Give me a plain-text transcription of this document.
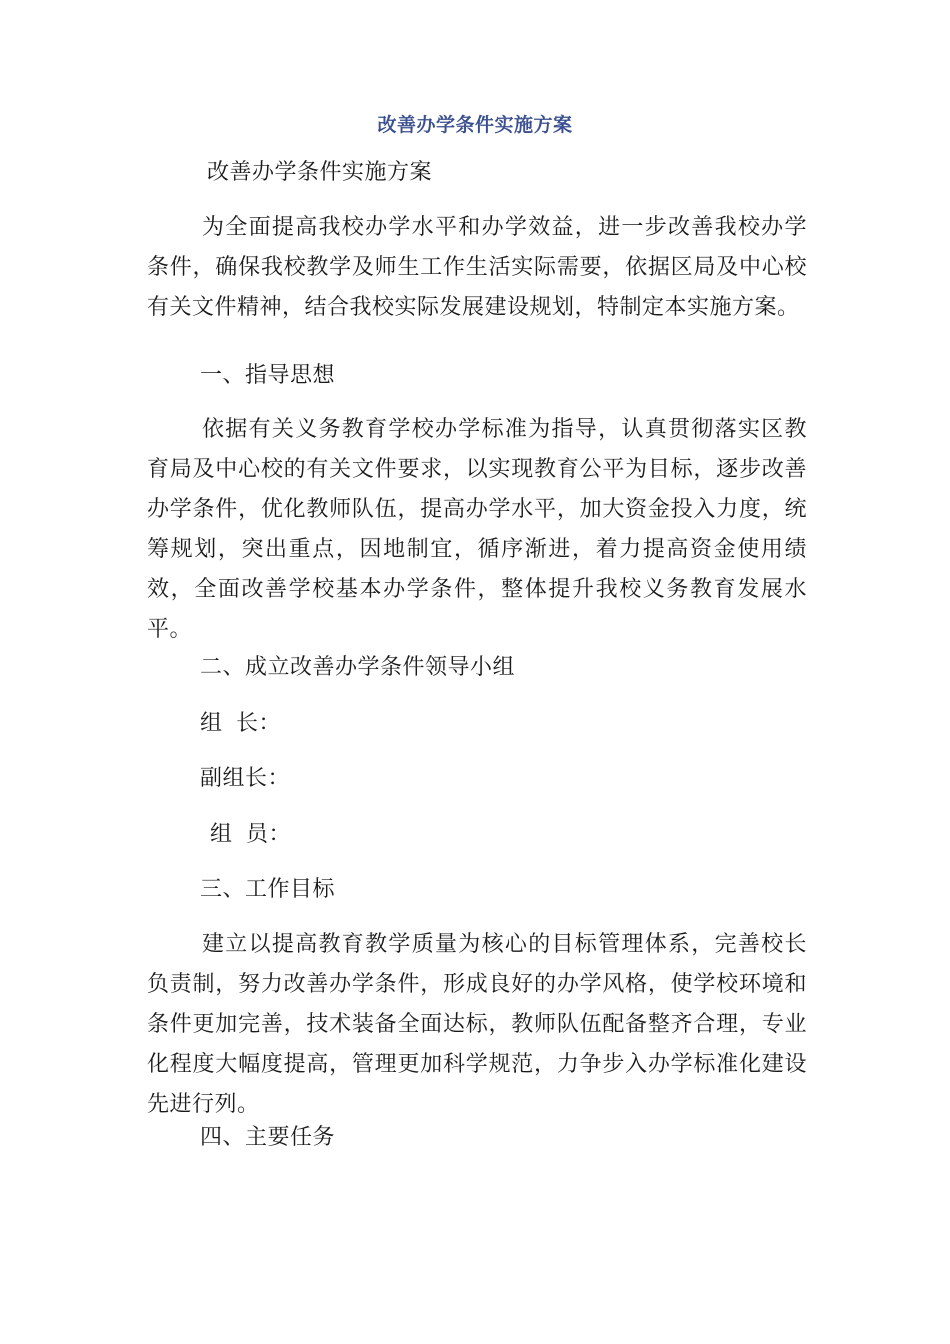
改善办学条件实施方案
改善办学条件实施方案
为全面提高我校办学水平和办学效益，进一步改善我校办学条件，确保我校教学及师生工作生活实际需要，依据区局及中心校有关文件精神，结合我校实际发展建设规划，特制定本实施方案。
一、指导思想
依据有关义务教育学校办学标准为指导，认真贯彻落实区教育局及中心校的有关文件要求，以实现教育公平为目标，逐步改善办学条件，优化教师队伍，提高办学水平，加大资金投入力度，统筹规划，突出重点，因地制宜，循序渐进，着力提高资金使用绩效，全面改善学校基本办学条件，整体提升我校义务教育发展水平。
二、成立改善办学条件领导小组
组 长：
副组长：
组 员：
三、工作目标
建立以提高教育教学质量为核心的目标管理体系，完善校长负责制，努力改善办学条件，形成良好的办学风格，使学校环境和条件更加完善，技术装备全面达标，教师队伍配备整齐合理，专业化程度大幅度提高，管理更加科学规范，力争步入办学标准化建设先进行列。
四、主要任务
